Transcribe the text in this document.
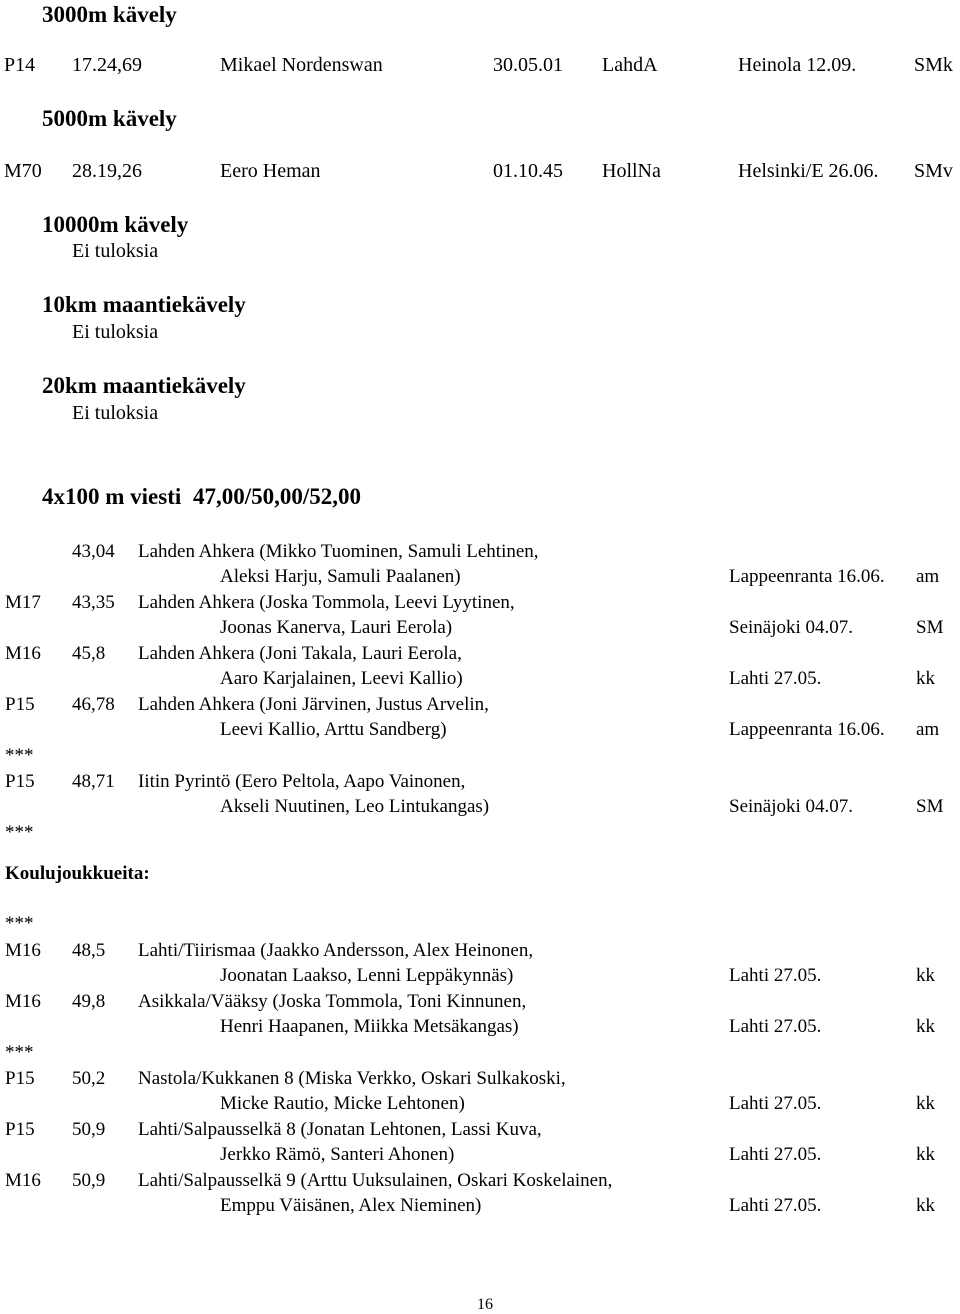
3000m kävely
P14 17.24,69	Mikael Nordenswan	30.05.01 LahdA	Heinola 12.09.	SMk
5000m kävely
M70 28.19,26	Eero Heman	01.10.45 HollNa	Helsinki/E 26.06. SMv
10000m kävely
Ei tuloksia
10km maantiekävely
Ei tuloksia
20km maantiekävely
Ei tuloksia
4x100 m viesti 47,00/50,00/52,00
43,04 Lahden Ahkera (Mikko Tuominen, Samuli Lehtinen,
Aleksi Harju, Samuli Paalanen)	Lappeenranta 16.06. am
M17 43,35 Lahden Ahkera (Joska Tommola, Leevi Lyytinen,
Joonas Kanerva, Lauri Eerola)	Seinäjoki 04.07.	SM
M16 45,8 Lahden Ahkera (Joni Takala, Lauri Eerola,
Aaro Karjalainen, Leevi Kallio)	Lahti 27.05.	kk
P15 46,78 Lahden Ahkera (Joni Järvinen, Justus Arvelin,
Leevi Kallio, Arttu Sandberg)	Lappeenranta 16.06. am
***
P15 48,71 Iitin Pyrintö (Eero Peltola, Aapo Vainonen,
Akseli Nuutinen, Leo Lintukangas)	Seinäjoki 04.07.	SM
***
Koulujoukkueita:
***
M16 48,5 Lahti/Tiirismaa (Jaakko Andersson, Alex Heinonen,
Joonatan Laakso, Lenni Leppäkynnäs)	Lahti 27.05.	kk
M16 49,8 Asikkala/Vääksy (Joska Tommola, Toni Kinnunen,
Henri Haapanen, Miikka Metsäkangas)	Lahti 27.05.	kk
***
P15 50,2 Nastola/Kukkanen 8 (Miska Verkko, Oskari Sulkakoski,
Micke Rautio, Micke Lehtonen)	Lahti 27.05.	kk
P15 50,9 Lahti/Salpausselkä 8 (Jonatan Lehtonen, Lassi Kuva,
Jerkko Rämö, Santeri Ahonen)	Lahti 27.05.	kk
M16 50,9 Lahti/Salpausselkä 9 (Arttu Uuksulainen, Oskari Koskelainen,
Emppu Väisänen, Alex Nieminen)	Lahti 27.05.	kk
16
